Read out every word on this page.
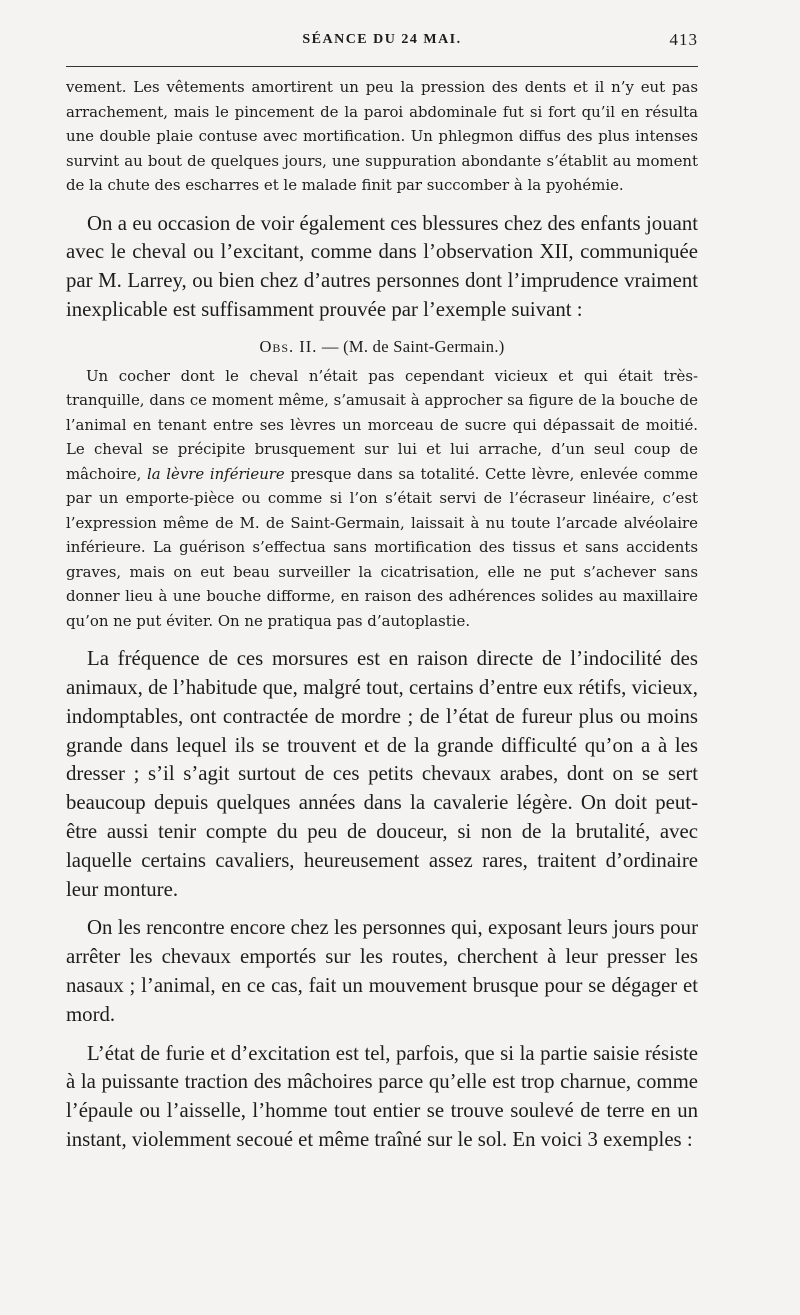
SÉANCE DU 24 MAI.	413

vement. Les vêtements amortirent un peu la pression des dents et il n’y eut pas arrachement, mais le pincement de la paroi abdominale fut si fort qu’il en résulta une double plaie contuse avec mortification. Un phlegmon diffus des plus intenses survint au bout de quelques jours, une suppuration abondante s’établit au moment de la chute des escharres et le malade finit par succomber à la pyohémie.

On a eu occasion de voir également ces blessures chez des enfants jouant avec le cheval ou l’excitant, comme dans l’observation XII, communiquée par M. Larrey, ou bien chez d’autres personnes dont l’imprudence vraiment inexplicable est suffisamment prouvée par l’exemple suivant :

Obs. II. — (M. de Saint-Germain.)

Un cocher dont le cheval n’était pas cependant vicieux et qui était très-tranquille, dans ce moment même, s’amusait à approcher sa figure de la bouche de l’animal en tenant entre ses lèvres un morceau de sucre qui dépassait de moitié. Le cheval se précipite brusquement sur lui et lui arrache, d’un seul coup de mâchoire, la lèvre inférieure presque dans sa totalité. Cette lèvre, enlevée comme par un emporte-pièce ou comme si l’on s’était servi de l’écraseur linéaire, c’est l’expression même de M. de Saint-Germain, laissait à nu toute l’arcade alvéolaire inférieure. La guérison s’effectua sans mortification des tissus et sans accidents graves, mais on eut beau surveiller la cicatrisation, elle ne put s’achever sans donner lieu à une bouche difforme, en raison des adhérences solides au maxillaire qu’on ne put éviter. On ne pratiqua pas d’autoplastie.

La fréquence de ces morsures est en raison directe de l’indocilité des animaux, de l’habitude que, malgré tout, certains d’entre eux rétifs, vicieux, indomptables, ont contractée de mordre ; de l’état de fureur plus ou moins grande dans lequel ils se trouvent et de la grande difficulté qu’on a à les dresser ; s’il s’agit surtout de ces petits chevaux arabes, dont on se sert beaucoup depuis quelques années dans la cavalerie légère. On doit peut-être aussi tenir compte du peu de douceur, si non de la brutalité, avec laquelle certains cavaliers, heureusement assez rares, traitent d’ordinaire leur monture.

On les rencontre encore chez les personnes qui, exposant leurs jours pour arrêter les chevaux emportés sur les routes, cherchent à leur presser les nasaux ; l’animal, en ce cas, fait un mouvement brusque pour se dégager et mord.

L’état de furie et d’excitation est tel, parfois, que si la partie saisie résiste à la puissante traction des mâchoires parce qu’elle est trop charnue, comme l’épaule ou l’aisselle, l’homme tout entier se trouve soulevé de terre en un instant, violemment secoué et même traîné sur le sol. En voici 3 exemples :
